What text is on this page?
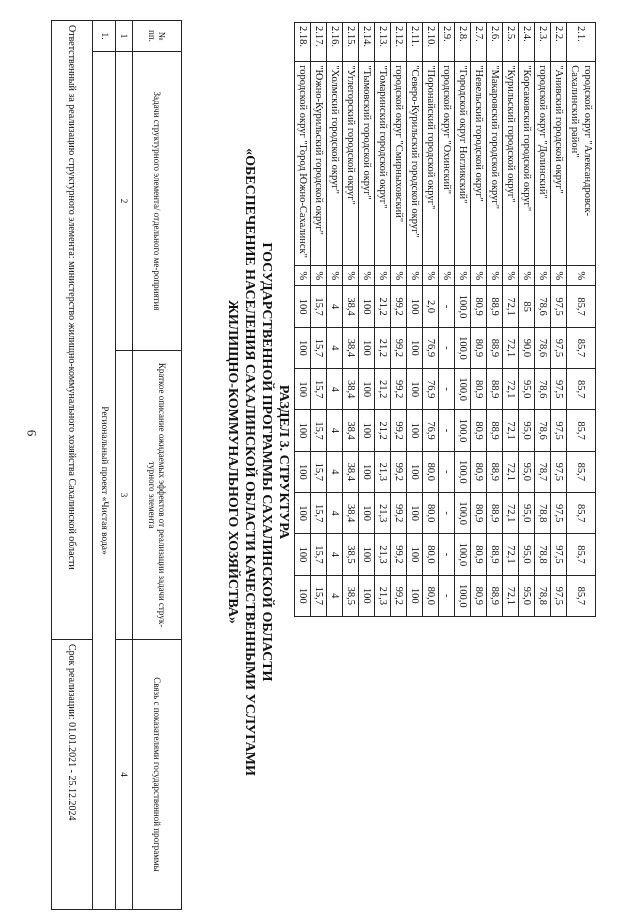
6
2.1.	городской округ "Александровск-Сахалинский район"	%	85,7	85,7	85,7	85,7	85,7	85,7	85,7	85,7
2.2.	"Анивский городской округ"	%	97,5	97,5	97,5	97,5	97,5	97,5	97,5	97,5
2.3.	городской округ "Долинский"	%	78,6	78,6	78,6	78,6	78,7	78,8	78,8	78,8
2.4.	"Корсаковский городской округ"	%	85	90,0	95,0	95,0	95,0	95,0	95,0	95,0
2.5.	"Курильский городской округ"	%	72,1	72,1	72,1	72,1	72,1	72,1	72,1	72,1
2.6.	"Макаровский городской округ"	%	88,9	88,9	88,9	88,9	88,9	88,9	88,9	88,9
2.7.	"Невельский городской округ"	%	80,9	80,9	80,9	80,9	80,9	80,9	80,9	80,9
2.8.	"Городской округ Ногликский"	%	100,0	100,0	100,0	100,0	100,0	100,0	100,0	100,0
2.9.	городской округ "Охинский"	%	-	-	-	-	-	-	-	-
2.10.	"Поронайский городской округ"	%	2,0	76,9	76,9	76,9	80,0	80,0	80,0	80,0
2.11.	"Северо-Курильский городской округ"	%	100	100	100	100	100	100	100	100
2.12.	городской округ "Смирныховский"	%	99,2	99,2	99,2	99,2	99,2	99,2	99,2	99,2
2.13.	"Томаринский городской округ"	%	21,2	21,2	21,2	21,2	21,3	21,3	21,3	21,3
2.14.	"Тымовский городской округ"	%	100	100	100	100	100	100	100	100
2.15.	"Углегорский городской округ"	%	38,4	38,4	38,4	38,4	38,4	38,4	38,5	38,5
2.16.	"Холмский городской округ"	%	4	4	4	4	4	4	4	4
2.17.	"Южно-Курильский городской округ"	%	15,7	15,7	15,7	15,7	15,7	15,7	15,7	15,7
2.18.	городской округ "Город Южно-Сахалинск"	%	100	100	100	100	100	100	100	100
РАЗДЕЛ 3. СТРУКТУРА
ГОСУДАРСТВЕННОЙ ПРОГРАММЫ САХАЛИНСКОЙ ОБЛАСТИ
«ОБЕСПЕЧЕНИЕ НАСЕЛЕНИЯ САХАЛИНСКОЙ ОБЛАСТИ КАЧЕСТВЕННЫМИ УСЛУГАМИ
ЖИЛИЩНО-КОММУНАЛЬНОГО ХОЗЯЙСТВА»
№ пп.	Задачи структурного элемента/ отдельного ме-роприятия	Краткое описание ожидаемых эффектов от реализации задачи струк-турного элемента	Связь с показателями государственной программы
1	2	3	4
1.	Региональный проект «Чистая вода»		
Ответственный за реализацию структурного элемента: министерство жилищно-коммунального хозяйства Сахалинской области			Срок реализации: 01.01.2021 - 25.12.2024
